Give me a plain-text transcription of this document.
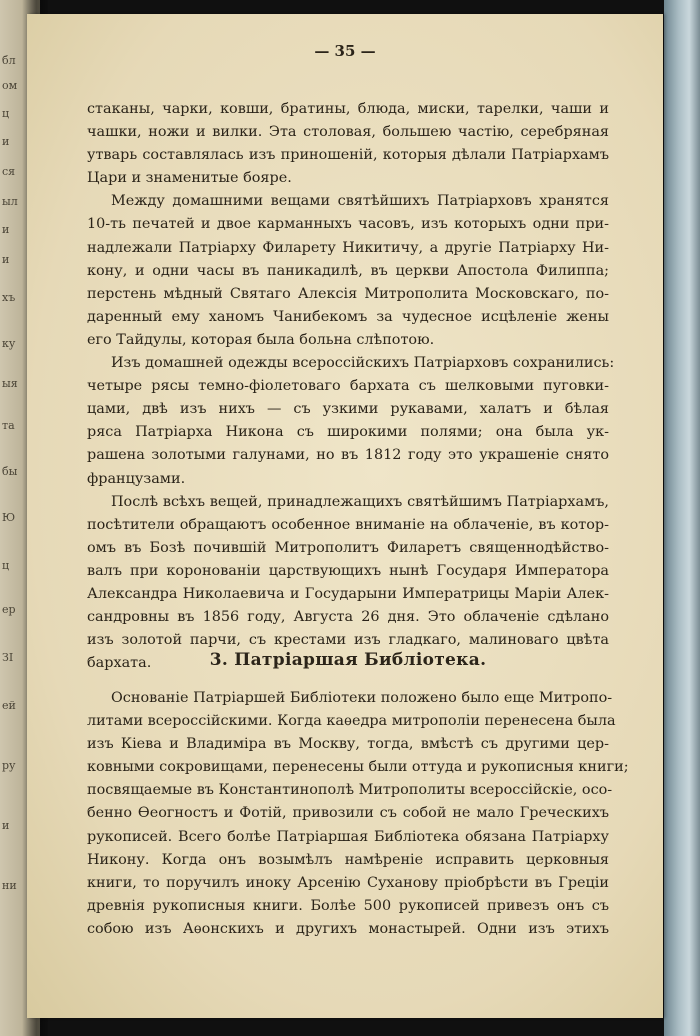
бл
ом
ц
и
ся
ыл
и
и
хъ
ку
ыя
та
бы
Ю
ц
ер
ЗІ
ей
ру
и
ни
— 35 —
стаканы, чарки, ковши, братины, блюда, миски, тарелки, чаши и
чашки, ножи и вилки. Эта столовая, большею частію, серебряная
утварь составлялась изъ приношеній, которыя дѣлали Патріархамъ
Цари и знаменитые бояре.
Между домашними вещами святѣйшихъ Патріарховъ хранятся
10-ть печатей и двое карманныхъ часовъ, изъ которыхъ одни при-
надлежали Патріарху Филарету Никитичу, а другіе Патріарху Ни-
кону, и одни часы въ паникадилѣ, въ церкви Апостола Филиппа;
перстень мѣдный Святаго Алексія Митрополита Московскаго, по-
даренный ему ханомъ Чанибекомъ за чудесное исцѣленіе жены
его Тайдулы, которая была больна слѣпотою.
Изъ домашней одежды всероссійскихъ Патріарховъ сохранились:
четыре рясы темно-фіолетоваго бархата съ шелковыми пуговки-
цами, двѣ изъ нихъ — съ узкими рукавами, халатъ и бѣлая
ряса Патріарха Никона съ широкими полями; она была ук-
рашена золотыми галунами, но въ 1812 году это украшеніе снято
французами.
Послѣ всѣхъ вещей, принадлежащихъ святѣйшимъ Патріархамъ,
посѣтители обращаютъ особенное вниманіе на облаченіе, въ котор-
омъ въ Бозѣ почившій Митрополитъ Филаретъ священнодѣйство-
валъ при коронованіи царствующихъ нынѣ Государя Императора
Александра Николаевича и Государыни Императрицы Маріи Алек-
сандровны въ 1856 году, Августа 26 дня. Это облаченіе сдѣлано
изъ золотой парчи, съ крестами изъ гладкаго, малиноваго цвѣта
бархата.	3. Патріаршая Библіотека.
Основаніе Патріаршей Библіотеки положено было еще Митропо-
литами всероссійскими. Когда каѳедра митрополіи перенесена была
изъ Кіева и Владиміра въ Москву, тогда, вмѣстѣ съ другими цер-
ковными сокровищами, перенесены были оттуда и рукописныя книги;
посвящаемые въ Константинополѣ Митрополиты всероссійскіе, осо-
бенно Ѳеогностъ и Фотій, привозили съ собой не мало Греческихъ
рукописей. Всего болѣе Патріаршая Библіотека обязана Патріарху
Никону. Когда онъ возымѣлъ намѣреніе исправить церковныя
книги, то поручилъ иноку Арсенію Суханову пріобрѣсти въ Греціи
древнія рукописныя книги. Болѣе 500 рукописей привезъ онъ съ
собою изъ Аѳонскихъ и другихъ монастырей. Одни изъ этихъ
